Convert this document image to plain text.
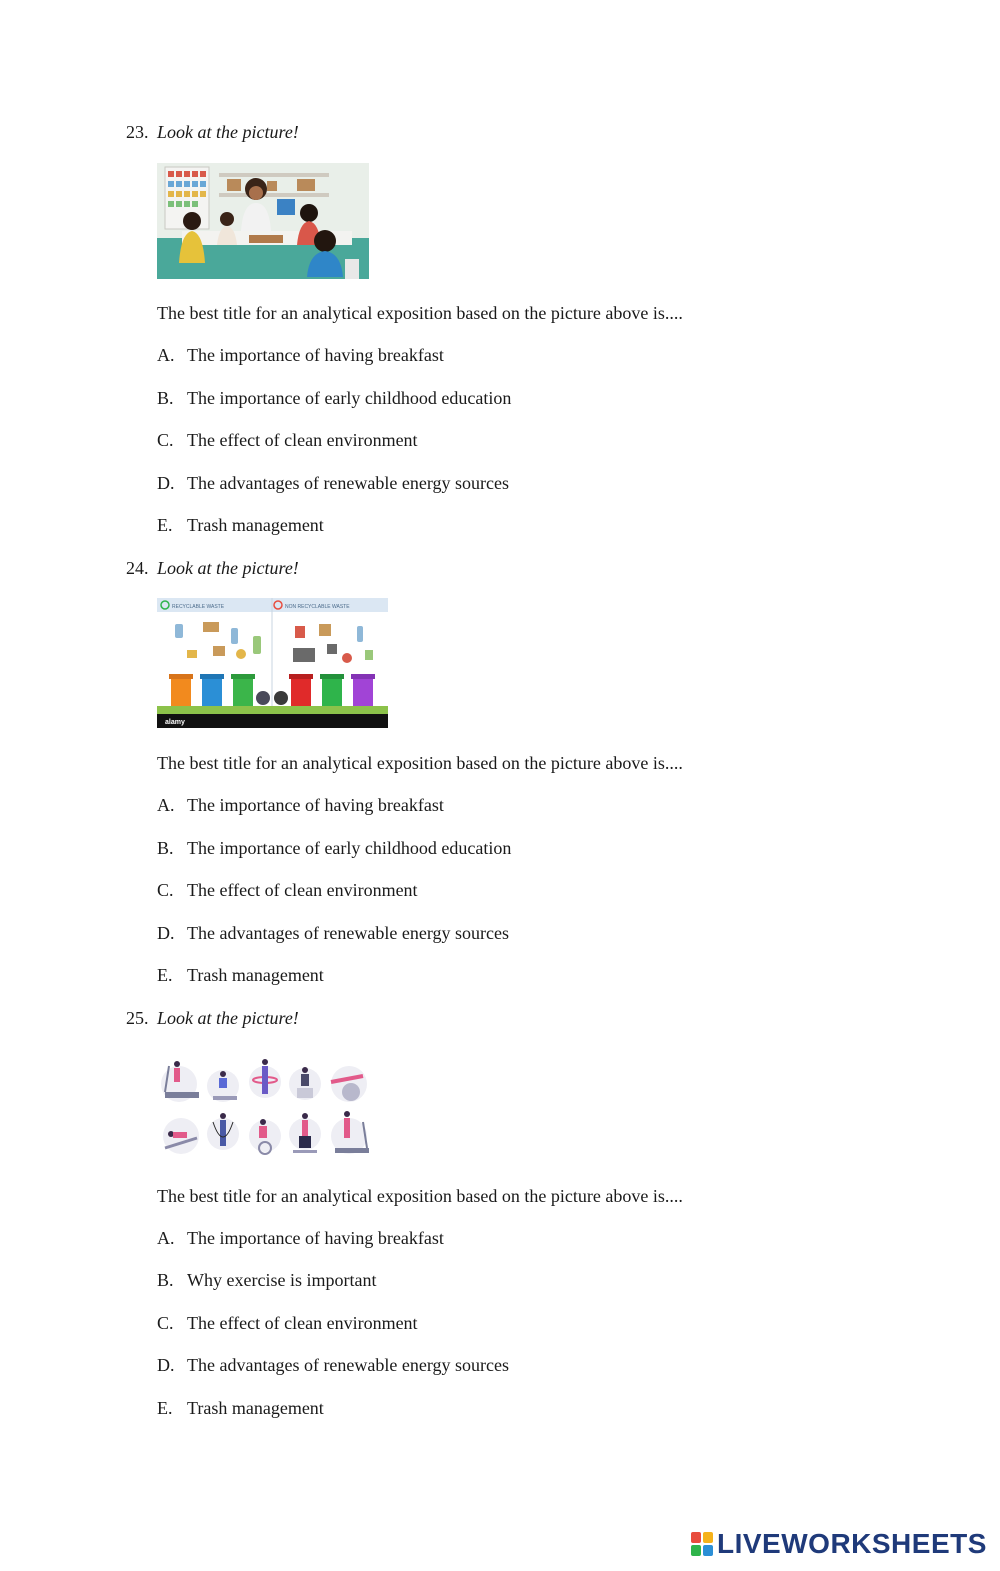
23. Look at the picture!
The best title for an analytical exposition based on the picture above is....
A. The importance of having breakfast
B. The importance of early childhood education
C. The effect of clean environment
D. The advantages of renewable energy sources
E. Trash management
24. Look at the picture!
RECYCLABLE WASTE	NON RECYCLABLE WASTE
alamy
The best title for an analytical exposition based on the picture above is....
A. The importance of having breakfast
B. The importance of early childhood education
C. The effect of clean environment
D. The advantages of renewable energy sources
E. Trash management
25. Look at the picture!
The best title for an analytical exposition based on the picture above is....
A. The importance of having breakfast
B. Why exercise is important
C. The effect of clean environment
D. The advantages of renewable energy sources
E. Trash management
LIVEWORKSHEETS
